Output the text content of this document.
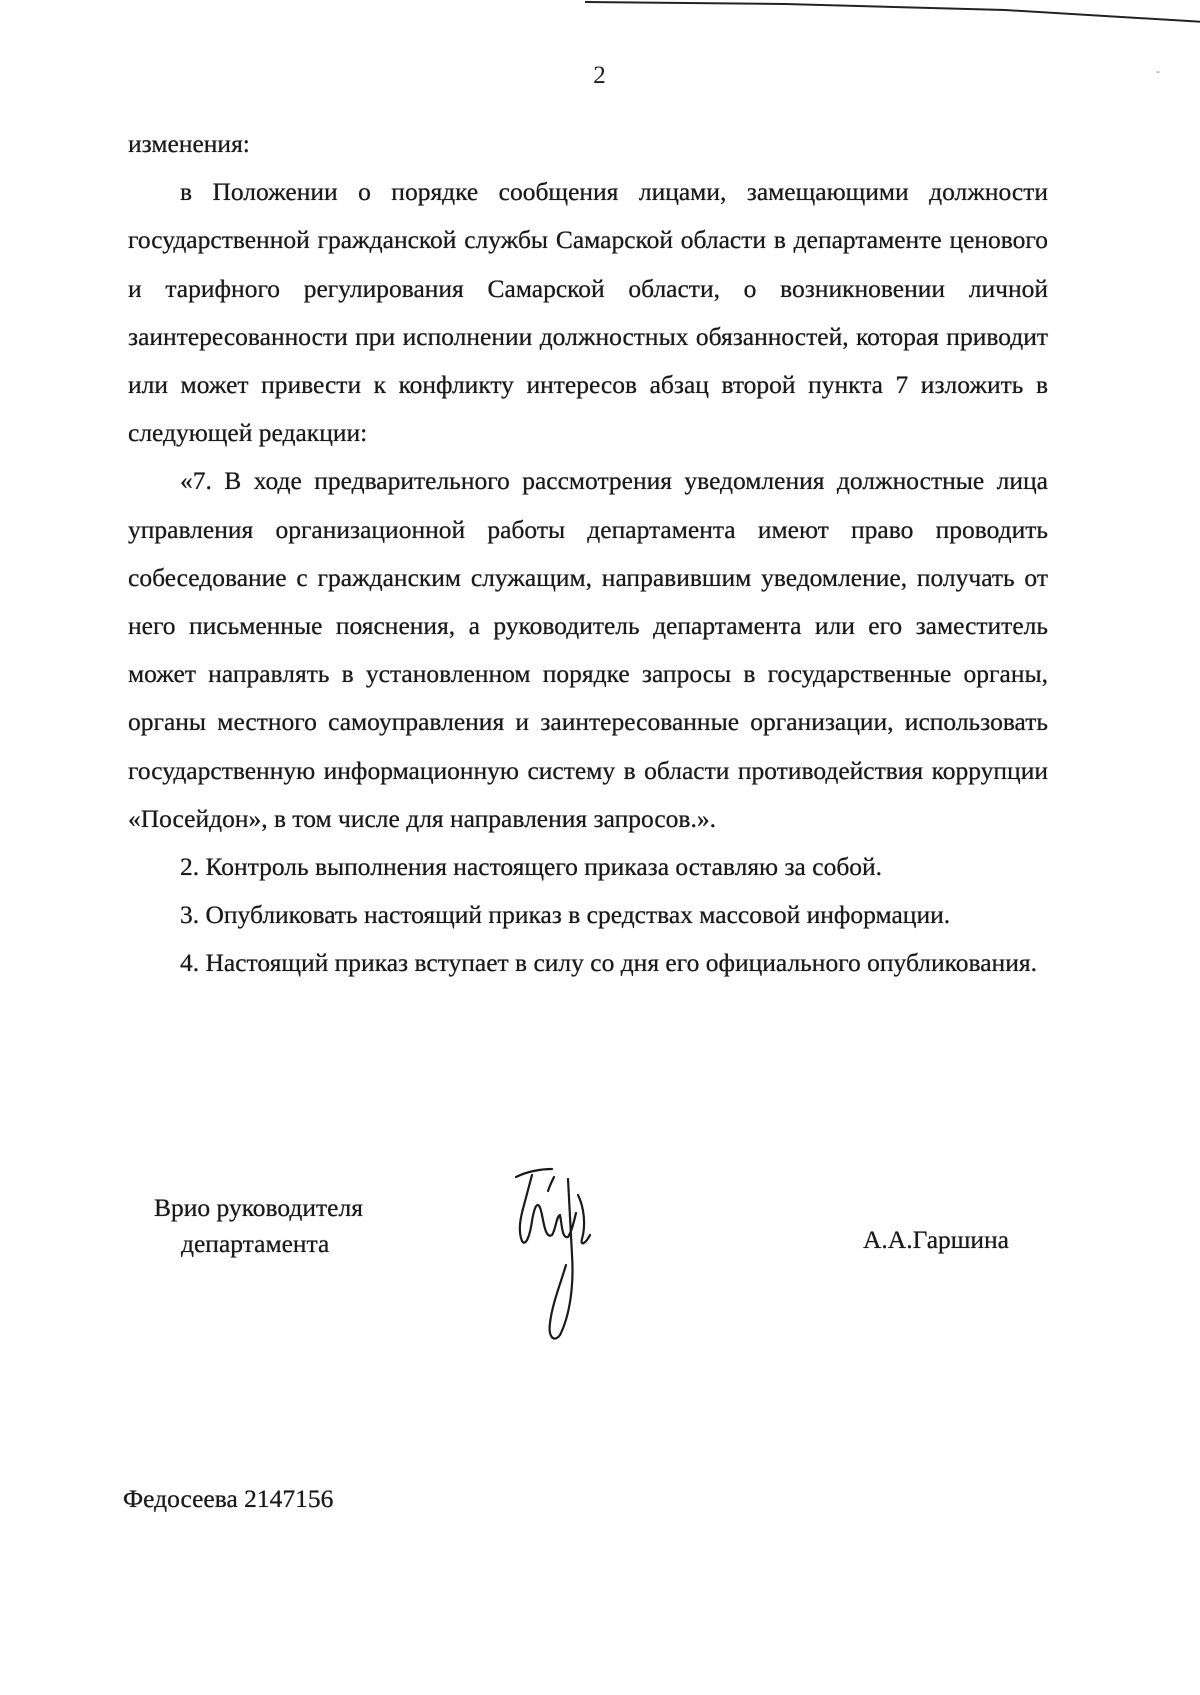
2	-

изменения:

в Положении о порядке сообщения лицами, замещающими должности государственной гражданской службы Самарской области в департаменте ценового и тарифного регулирования Самарской области, о возникновении личной заинтересованности при исполнении должностных обязанностей, которая приводит или может привести к конфликту интересов абзац второй пункта 7 изложить в следующей редакции:

«7. В ходе предварительного рассмотрения уведомления должностные лица управления организационной работы департамента имеют право проводить собеседование с гражданским служащим, направившим уведомление, получать от него письменные пояснения, а руководитель департамента или его заместитель может направлять в установленном порядке запросы в государственные органы, органы местного самоуправления и заинтересованные организации, использовать государственную информационную систему в области противодействия коррупции «Посейдон», в том числе для направления запросов.».

2. Контроль выполнения настоящего приказа оставляю за собой.

3. Опубликовать настоящий приказ в средствах массовой информации.

4. Настоящий приказ вступает в силу со дня его официального опубликования.

Врио руководителя
департамента	А.А.Гаршина
Федосеева 2147156
